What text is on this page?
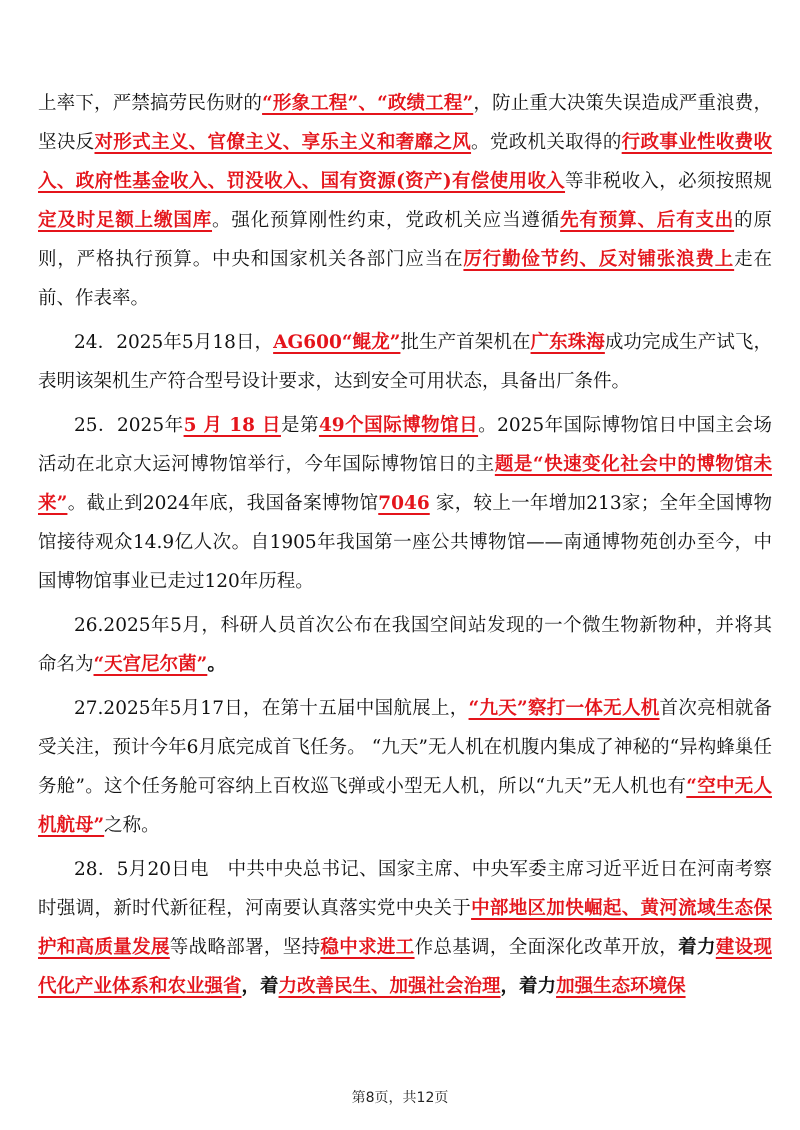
上率下，严禁搞劳民伤财的“形象工程”、“政绩工程”，防止重大决策失误造成严重浪费，坚决反对形式主义、官僚主义、享乐主义和奢靡之风。党政机关取得的行政事业性收费收入、政府性基金收入、罚没收入、国有资源(资产)有偿使用收入等非税收入，必须按照规定及时足额上缴国库。强化预算刚性约束，党政机关应当遵循先有预算、后有支出的原则，严格执行预算。中央和国家机关各部门应当在厉行勤俭节约、反对铺张浪费上走在前、作表率。

24．2025年5月18日，AG600“鲲龙”批生产首架机在广东珠海成功完成生产试飞，表明该架机生产符合型号设计要求，达到安全可用状态，具备出厂条件。

25．2025年5 月 18 日是第49个国际博物馆日。2025年国际博物馆日中国主会场活动在北京大运河博物馆举行，今年国际博物馆日的主题是“快速变化社会中的博物馆未来”。截止到2024年底，我国备案博物馆7046 家，较上一年增加213家；全年全国博物馆接待观众14.9亿人次。自1905年我国第一座公共博物馆——南通博物苑创办至今，中国博物馆事业已走过120年历程。

26.2025年5月，科研人员首次公布在我国空间站发现的一个微生物新物种，并将其命名为“天宫尼尔菌”。

27.2025年5月17日，在第十五届中国航展上，“九天”察打一体无人机首次亮相就备受关注，预计今年6月底完成首飞任务。 “九天”无人机在机腹内集成了神秘的“异构蜂巢任务舱”。这个任务舱可容纳上百枚巡飞弹或小型无人机，所以“九天”无人机也有“空中无人机航母”之称。

28．5月20日电　中共中央总书记、国家主席、中央军委主席习近平近日在河南考察时强调，新时代新征程，河南要认真落实党中央关于中部地区加快崛起、黄河流域生态保护和高质量发展等战略部署，坚持稳中求进工作总基调，全面深化改革开放，着力建设现代化产业体系和农业强省，着力改善民生、加强社会治理，着力加强生态环境保

第8页，共12页
